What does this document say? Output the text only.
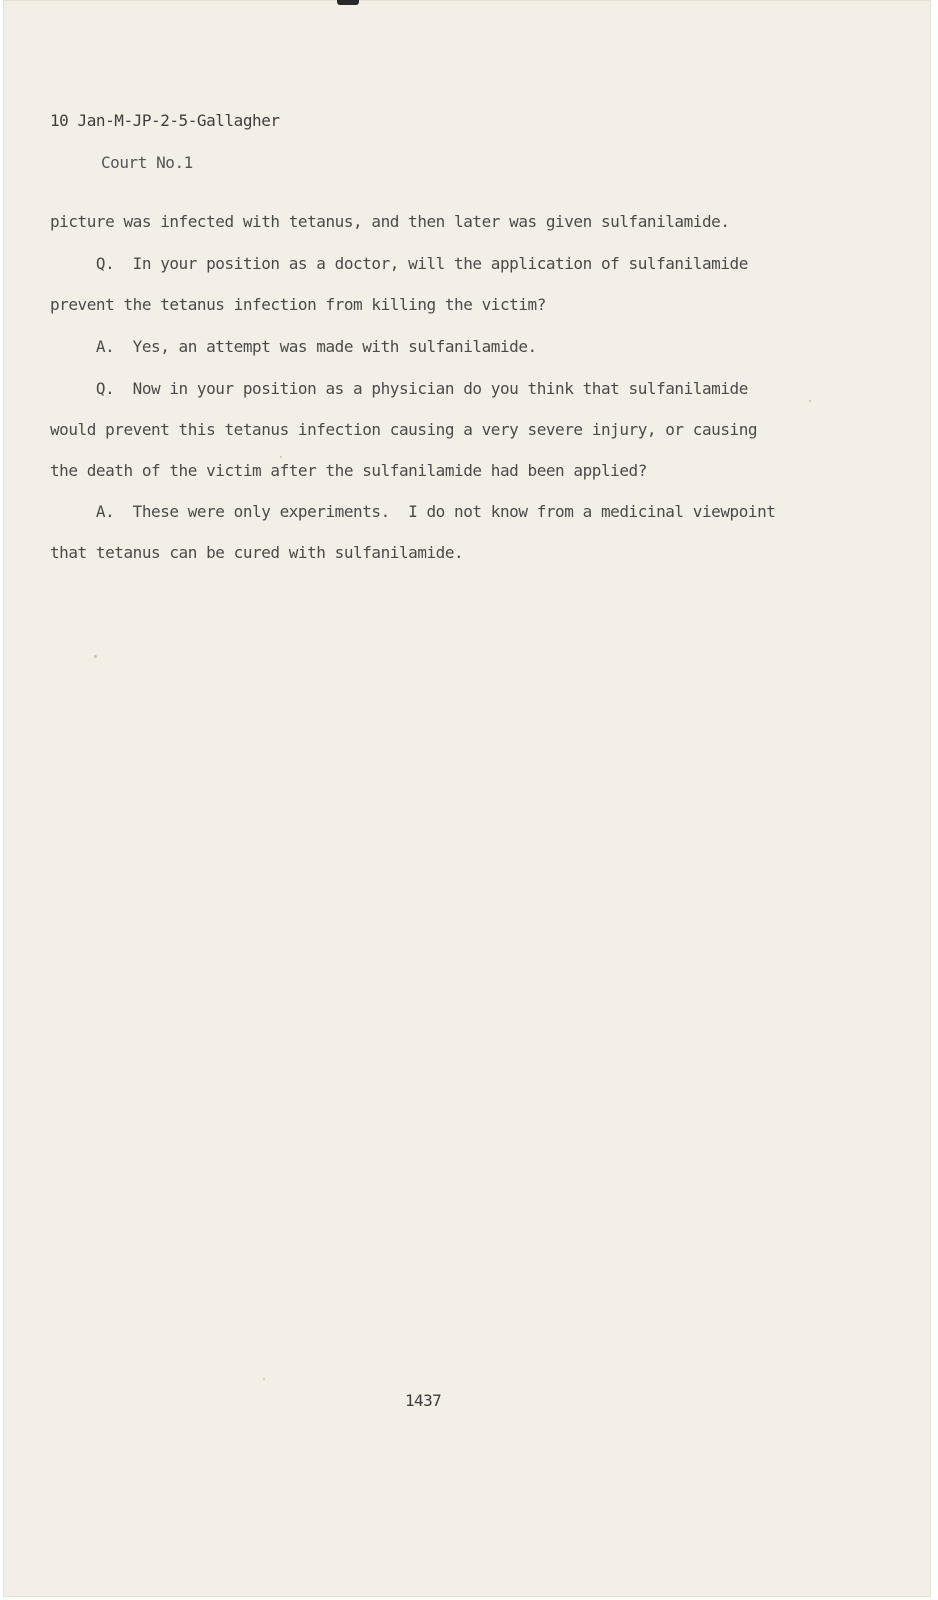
10 Jan-M-JP-2-5-Gallagher
Court No.1
picture was infected with tetanus, and then later was given sulfanilamide.
Q.  In your position as a doctor, will the application of sulfanilamide
prevent the tetanus infection from killing the victim?
A.  Yes, an attempt was made with sulfanilamide.
Q.  Now in your position as a physician do you think that sulfanilamide
would prevent this tetanus infection causing a very severe injury, or causing
the death of the victim after the sulfanilamide had been applied?
A.  These were only experiments.  I do not know from a medicinal viewpoint
that tetanus can be cured with sulfanilamide.
1437
